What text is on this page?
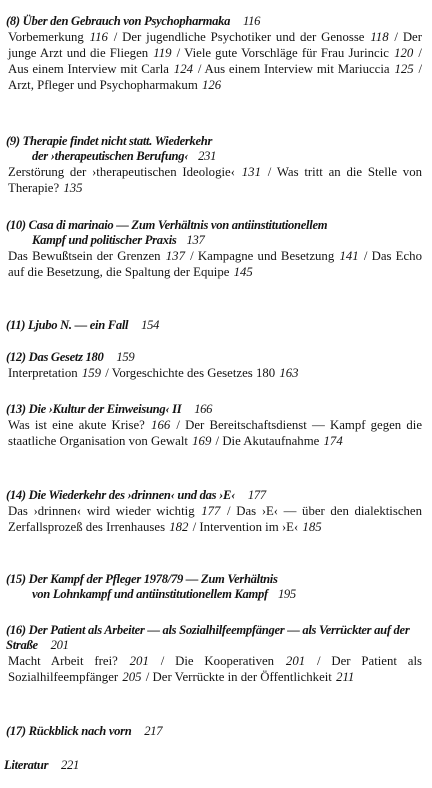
(8) Über den Gebrauch von Psychopharmaka 116
Vorbemerkung 116 / Der jugendliche Psychotiker und der Genosse 118 / Der junge Arzt und die Fliegen 119 / Viele gute Vorschläge für Frau Jurincic 120 / Aus einem Interview mit Carla 124 / Aus einem Interview mit Mariuccia 125 / Arzt, Pfleger und Psychopharmakum 126
(9) Therapie findet nicht statt. Wiederkehr
der ›therapeutischen Berufung‹ 231
Zerstörung der ›therapeutischen Ideologie‹ 131 / Was tritt an die Stelle von Therapie? 135
(10) Casa di marinaio — Zum Verhältnis von antiinstitutionellem
Kampf und politischer Praxis 137
Das Bewußtsein der Grenzen 137 / Kampagne und Besetzung 141 / Das Echo auf die Besetzung, die Spaltung der Equipe 145
(11) Ljubo N. — ein Fall 154
(12) Das Gesetz 180 159
Interpretation 159 / Vorgeschichte des Gesetzes 180 163
(13) Die ›Kultur der Einweisung‹ II 166
Was ist eine akute Krise? 166 / Der Bereitschaftsdienst — Kampf gegen die staatliche Organisation von Gewalt 169 / Die Akutaufnahme 174
(14) Die Wiederkehr des ›drinnen‹ und das ›E‹ 177
Das ›drinnen‹ wird wieder wichtig 177 / Das ›E‹ — über den dialektischen Zerfallsprozeß des Irrenhauses 182 / Intervention im ›E‹ 185
(15) Der Kampf der Pfleger 1978/79 — Zum Verhältnis
von Lohnkampf und antiinstitutionellem Kampf 195
(16) Der Patient als Arbeiter — als Sozialhilfeempfänger — als Verrückter auf der Straße 201
Macht Arbeit frei? 201 / Die Kooperativen 201 / Der Patient als Sozialhilfeempfänger 205 / Der Verrückte in der Öffentlichkeit 211
(17) Rückblick nach vorn 217
Literatur 221
